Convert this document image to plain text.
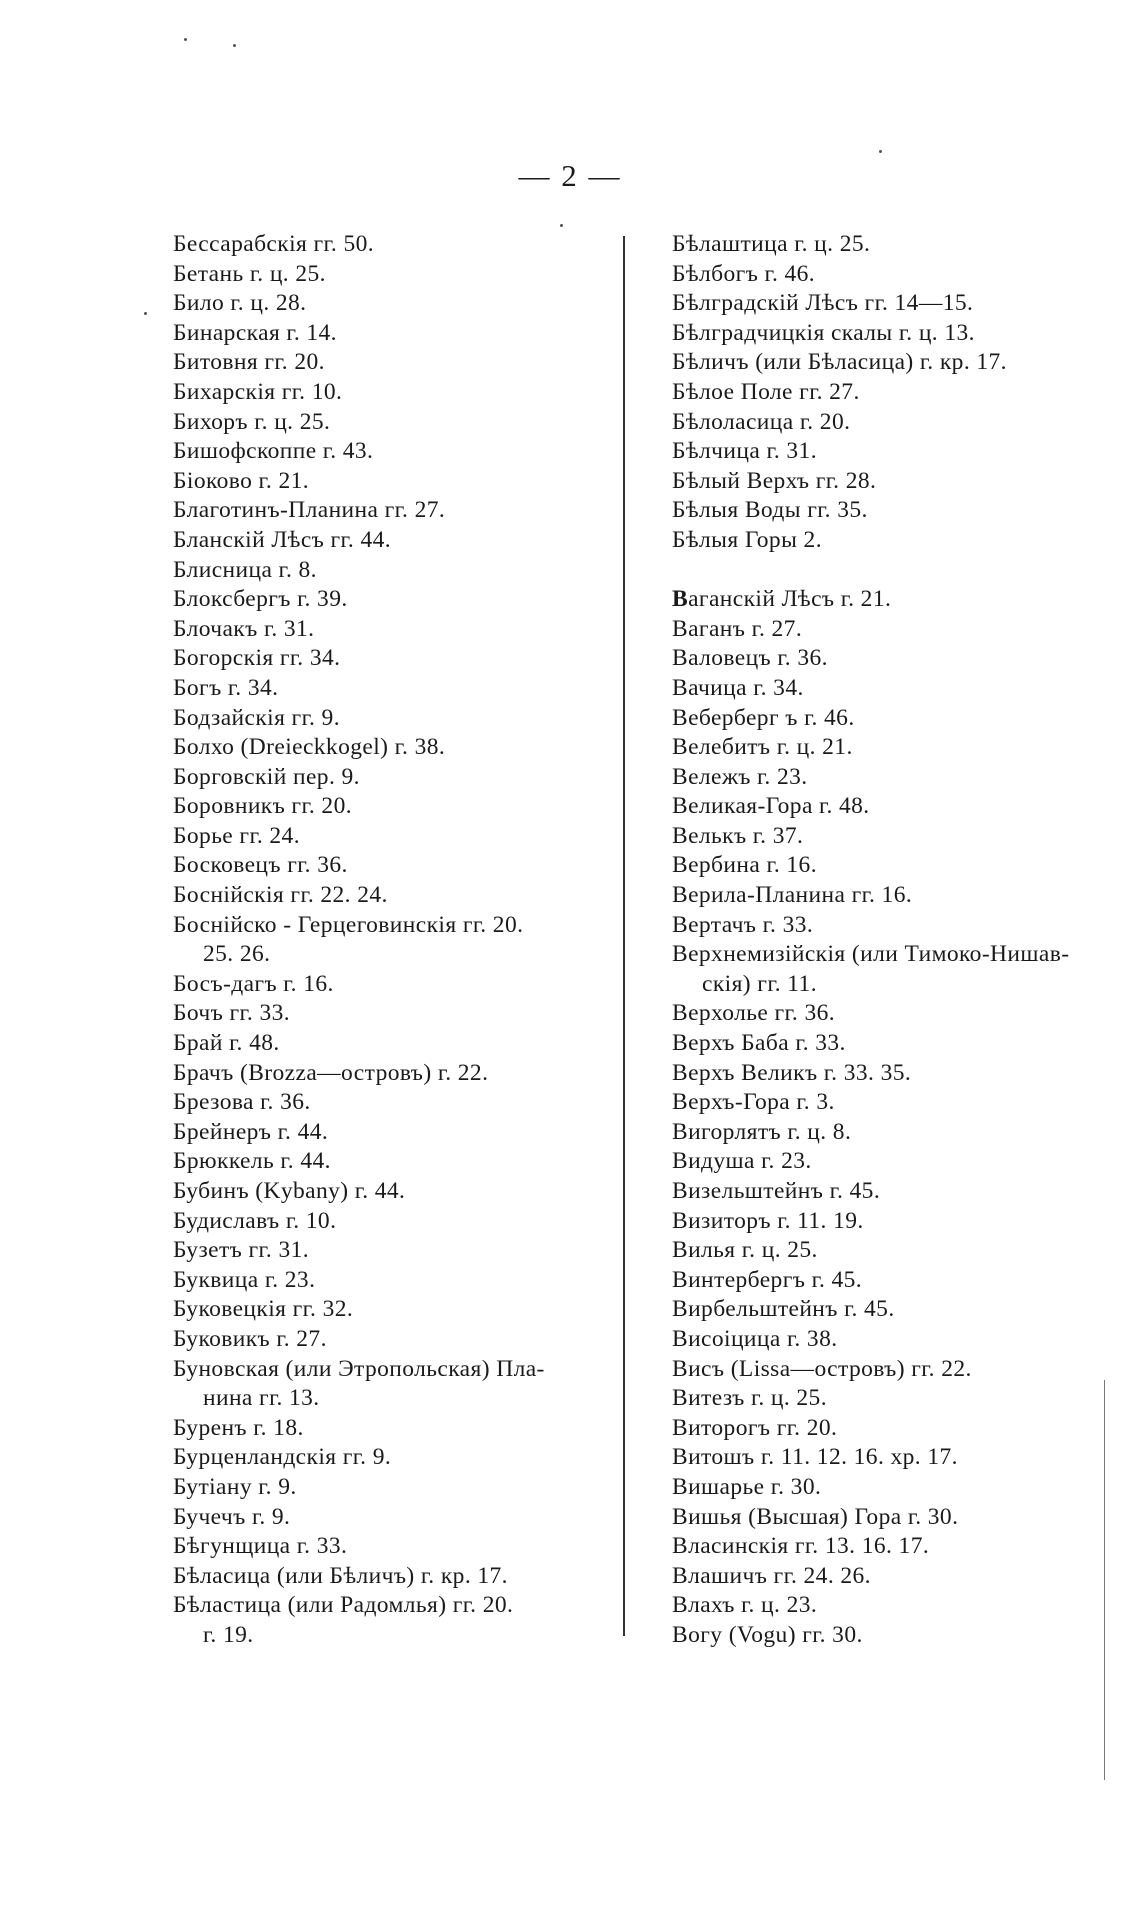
— 2 —
Бессарабскія гг. 50.
Бетань г. ц. 25.
Било г. ц. 28.
Бинарская г. 14.
Битовня гг. 20.
Бихарскія гг. 10.
Бихоръ г. ц. 25.
Бишофскоппе г. 43.
Біоково г. 21.
Благотинъ-Планина гг. 27.
Бланскій Лѣсъ гг. 44.
Блисница г. 8.
Блоксбергъ г. 39.
Блочакъ г. 31.
Богорскія гг. 34.
Богъ г. 34.
Бодзайскія гг. 9.
Болхо (Dreieckkogel) г. 38.
Борговскій пер. 9.
Боровникъ гг. 20.
Борье гг. 24.
Босковецъ гг. 36.
Боснійскія гг. 22. 24.
Боснійско - Герцеговинскія гг. 20.
25. 26.
Босъ-дагъ г. 16.
Бочъ гг. 33.
Брай г. 48.
Брачъ (Brozza—островъ) г. 22.
Брезова г. 36.
Брейнеръ г. 44.
Брюккель г. 44.
Бубинъ (Kybany) г. 44.
Будиславъ г. 10.
Бузетъ гг. 31.
Буквица г. 23.
Буковецкія гг. 32.
Буковикъ г. 27.
Буновская (или Этропольская) Пла-
нина гг. 13.
Буренъ г. 18.
Бурценландскія гг. 9.
Бутіану г. 9.
Бучечъ г. 9.
Бѣгунщица г. 33.
Бѣласица (или Бѣличъ) г. кр. 17.
Бѣластица (или Радомлья) гг. 20.
г. 19.
Бѣлаштица г. ц. 25.
Бѣлбогъ г. 46.
Бѣлградскій Лѣсъ гг. 14—15.
Бѣлградчицкія скалы г. ц. 13.
Бѣличъ (или Бѣласица) г. кр. 17.
Бѣлое Поле гг. 27.
Бѣлоласица г. 20.
Бѣлчица г. 31.
Бѣлый Верхъ гг. 28.
Бѣлыя Воды гг. 35.
Бѣлыя Горы 2.
Ваганскій Лѣсъ г. 21.
Ваганъ г. 27.
Валовецъ г. 36.
Вачица г. 34.
Веберберг ъ г. 46.
Велебитъ г. ц. 21.
Вележъ г. 23.
Великая-Гора г. 48.
Велькъ г. 37.
Вербина г. 16.
Верила-Планина гг. 16.
Вертачъ г. 33.
Верхнемизійскія (или Тимоко-Нишав-
скія) гг. 11.
Верхолье гг. 36.
Верхъ Баба г. 33.
Верхъ Великъ г. 33. 35.
Верхъ-Гора г. 3.
Вигорлятъ г. ц. 8.
Видуша г. 23.
Визельштейнъ г. 45.
Визиторъ г. 11. 19.
Вилья г. ц. 25.
Винтербергъ г. 45.
Вирбельштейнъ г. 45.
Висоіцица г. 38.
Висъ (Lissa—островъ) гг. 22.
Витезъ г. ц. 25.
Виторогъ гг. 20.
Витошъ г. 11. 12. 16. хр. 17.
Вишарье г. 30.
Вишья (Высшая) Гора г. 30.
Власинскія гг. 13. 16. 17.
Влашичъ гг. 24. 26.
Влахъ г. ц. 23.
Вогу (Vogu) гг. 30.
